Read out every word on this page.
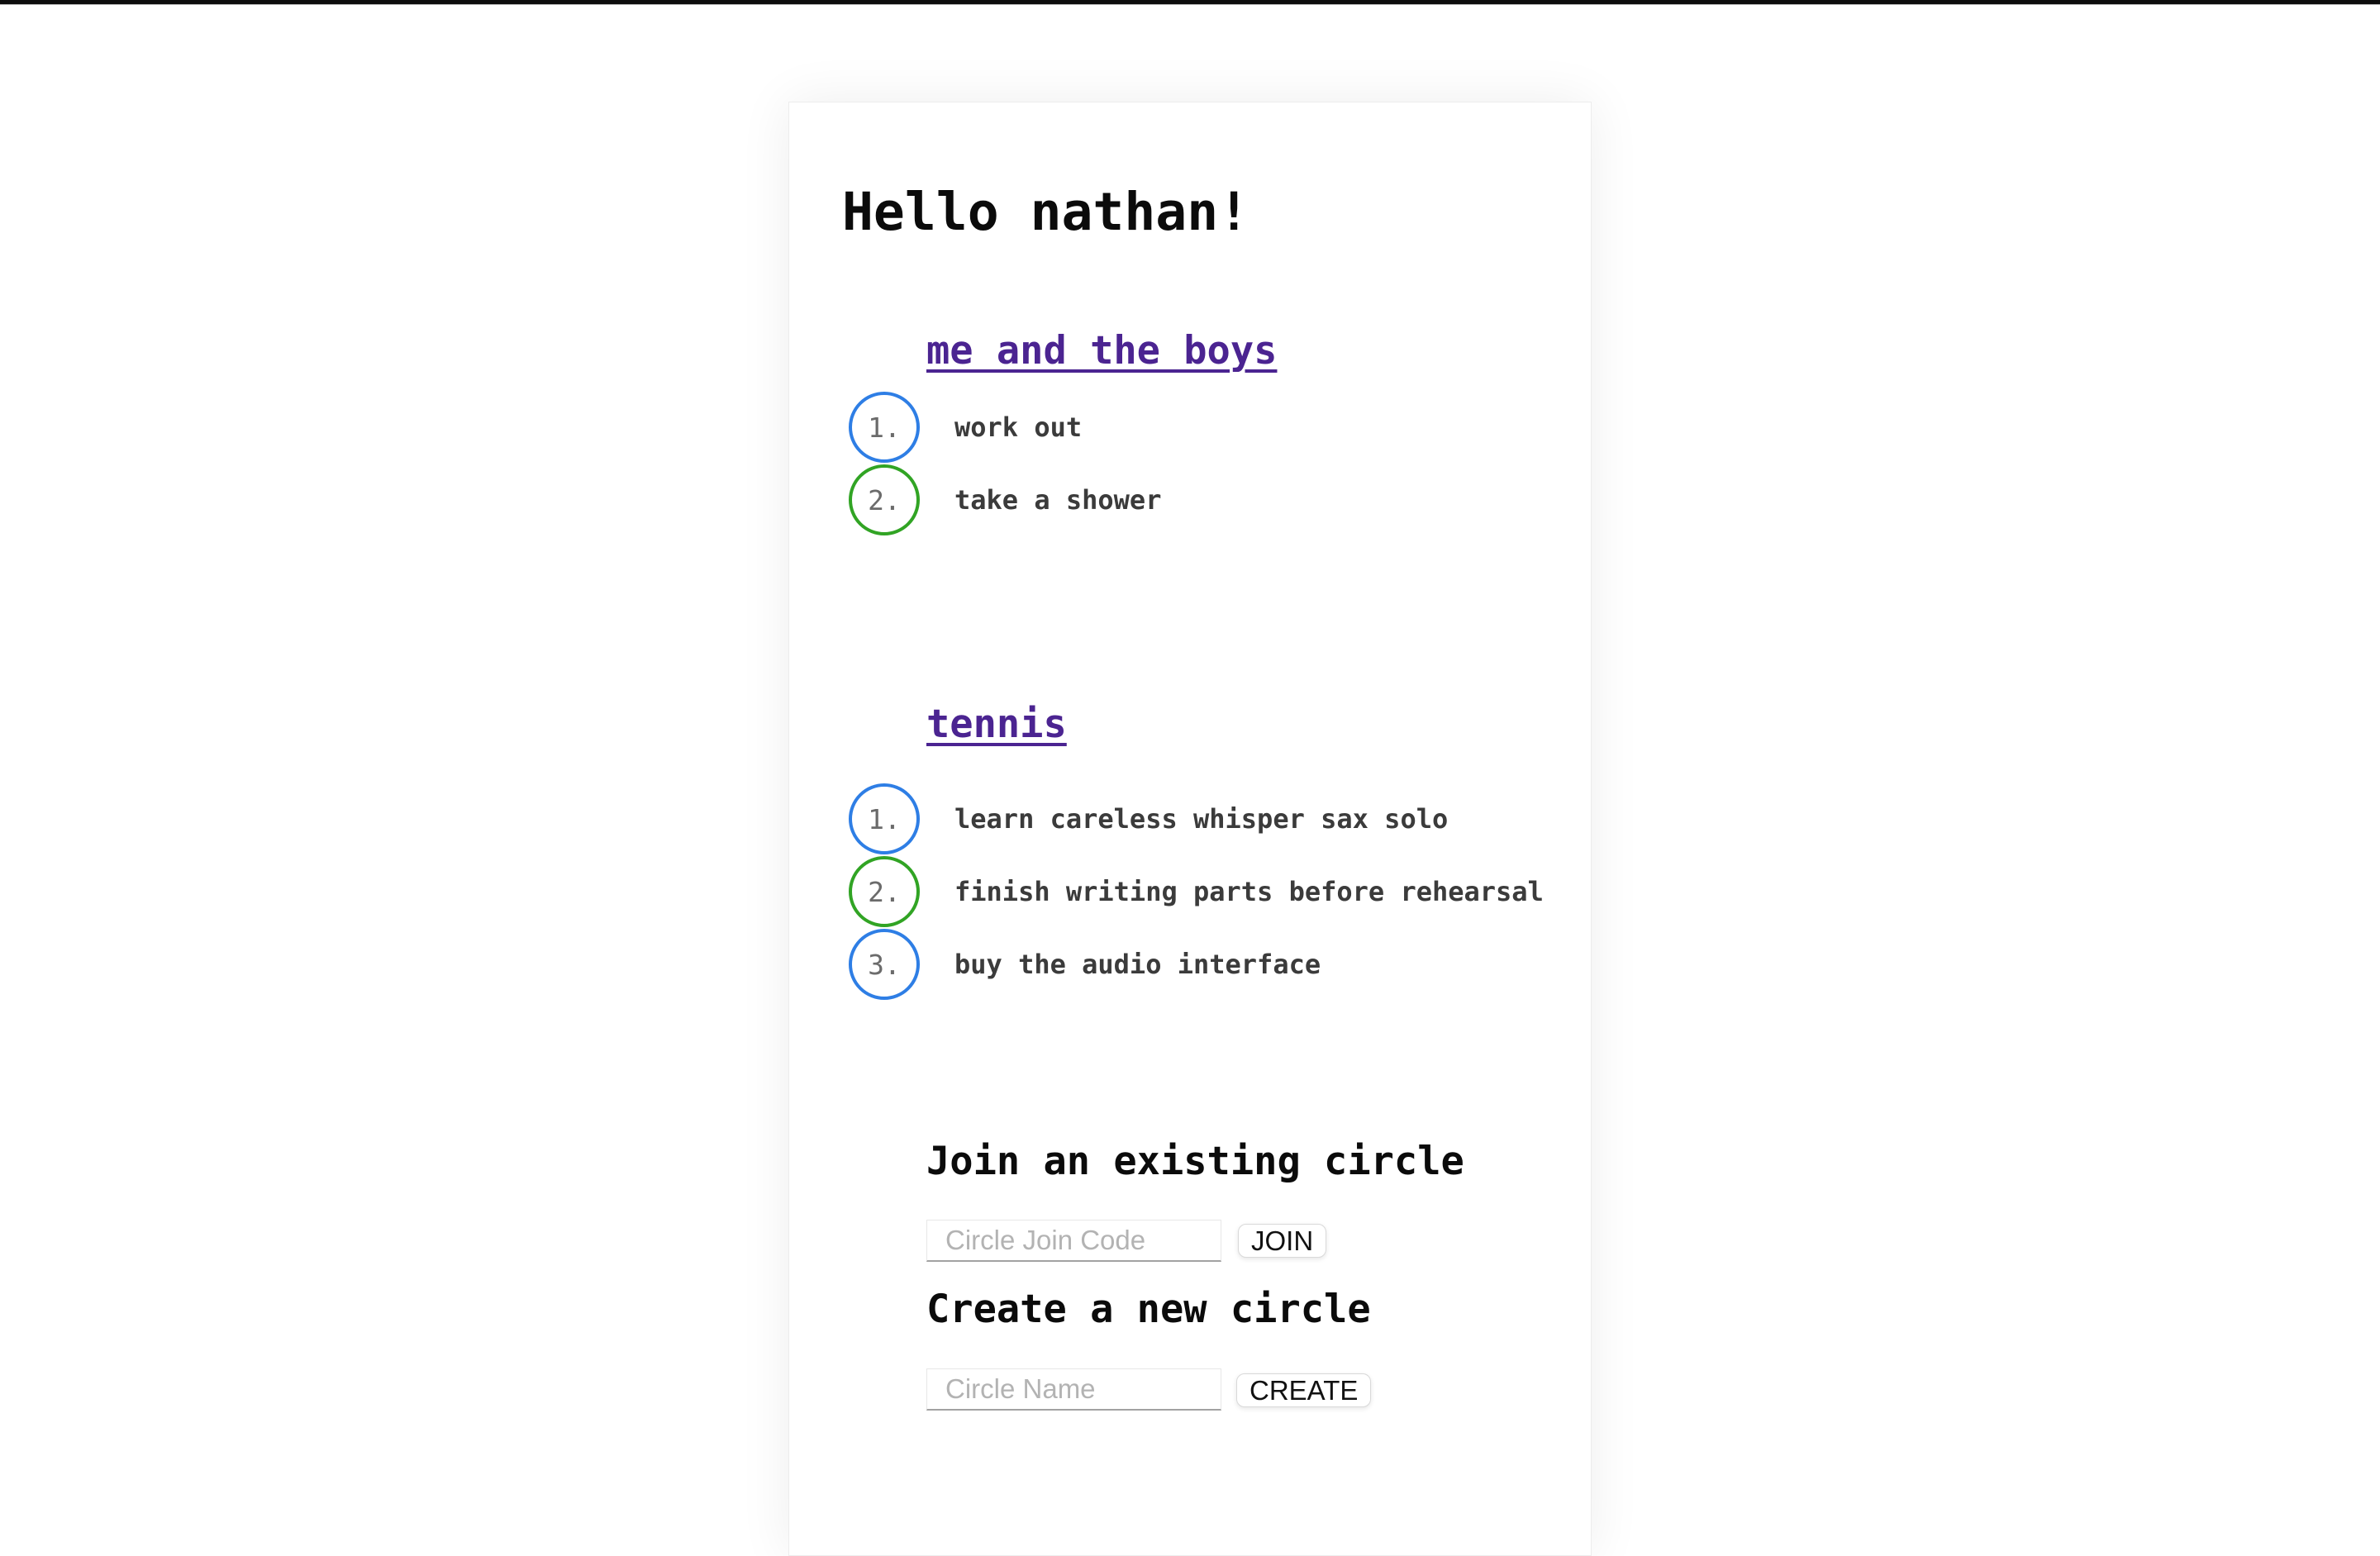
Hello nathan!
me and the boys
1.	work out
2.	take a shower
tennis
1.	learn careless whisper sax solo
2.	finish writing parts before rehearsal
3.	buy the audio interface
Join an existing circle
Circle Join Code
JOIN
Create a new circle
Circle Name
CREATE
